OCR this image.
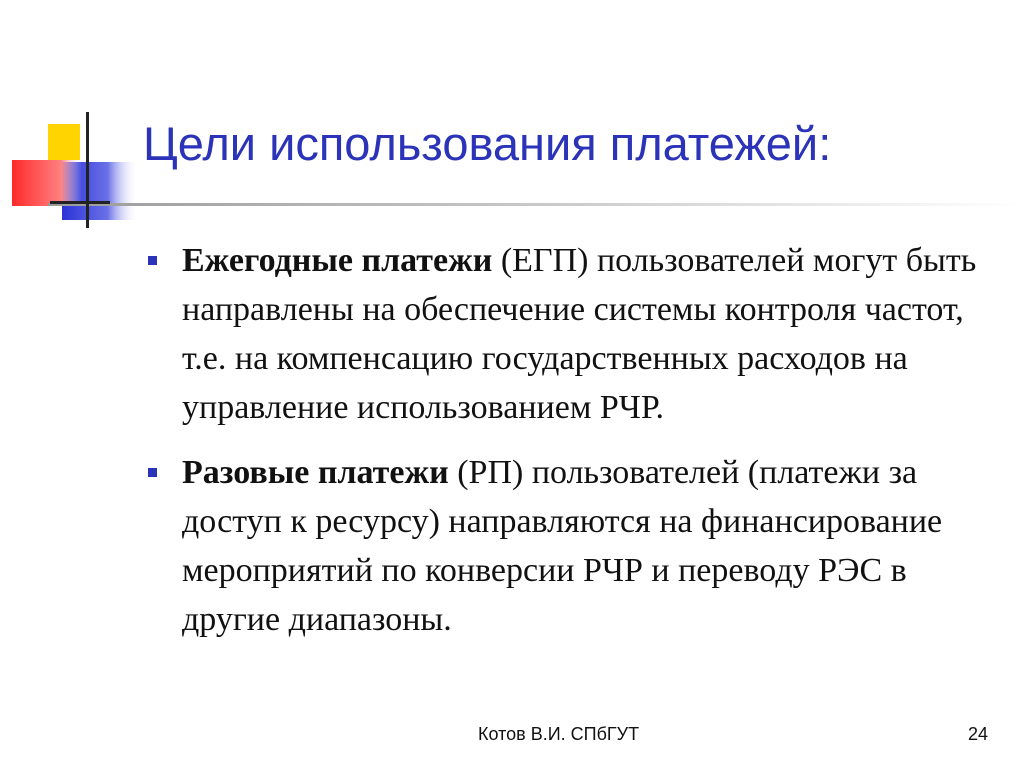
Цели использования платежей:
Ежегодные платежи (ЕГП) пользователей могут быть направлены на обеспечение системы контроля частот, т.е. на компенсацию государственных расходов на управление использованием РЧР.
Разовые платежи (РП) пользователей (платежи за доступ к ресурсу) направляются на финансирование мероприятий по конверсии РЧР и переводу РЭС в другие диапазоны.
Котов В.И. СПбГУТ	24
